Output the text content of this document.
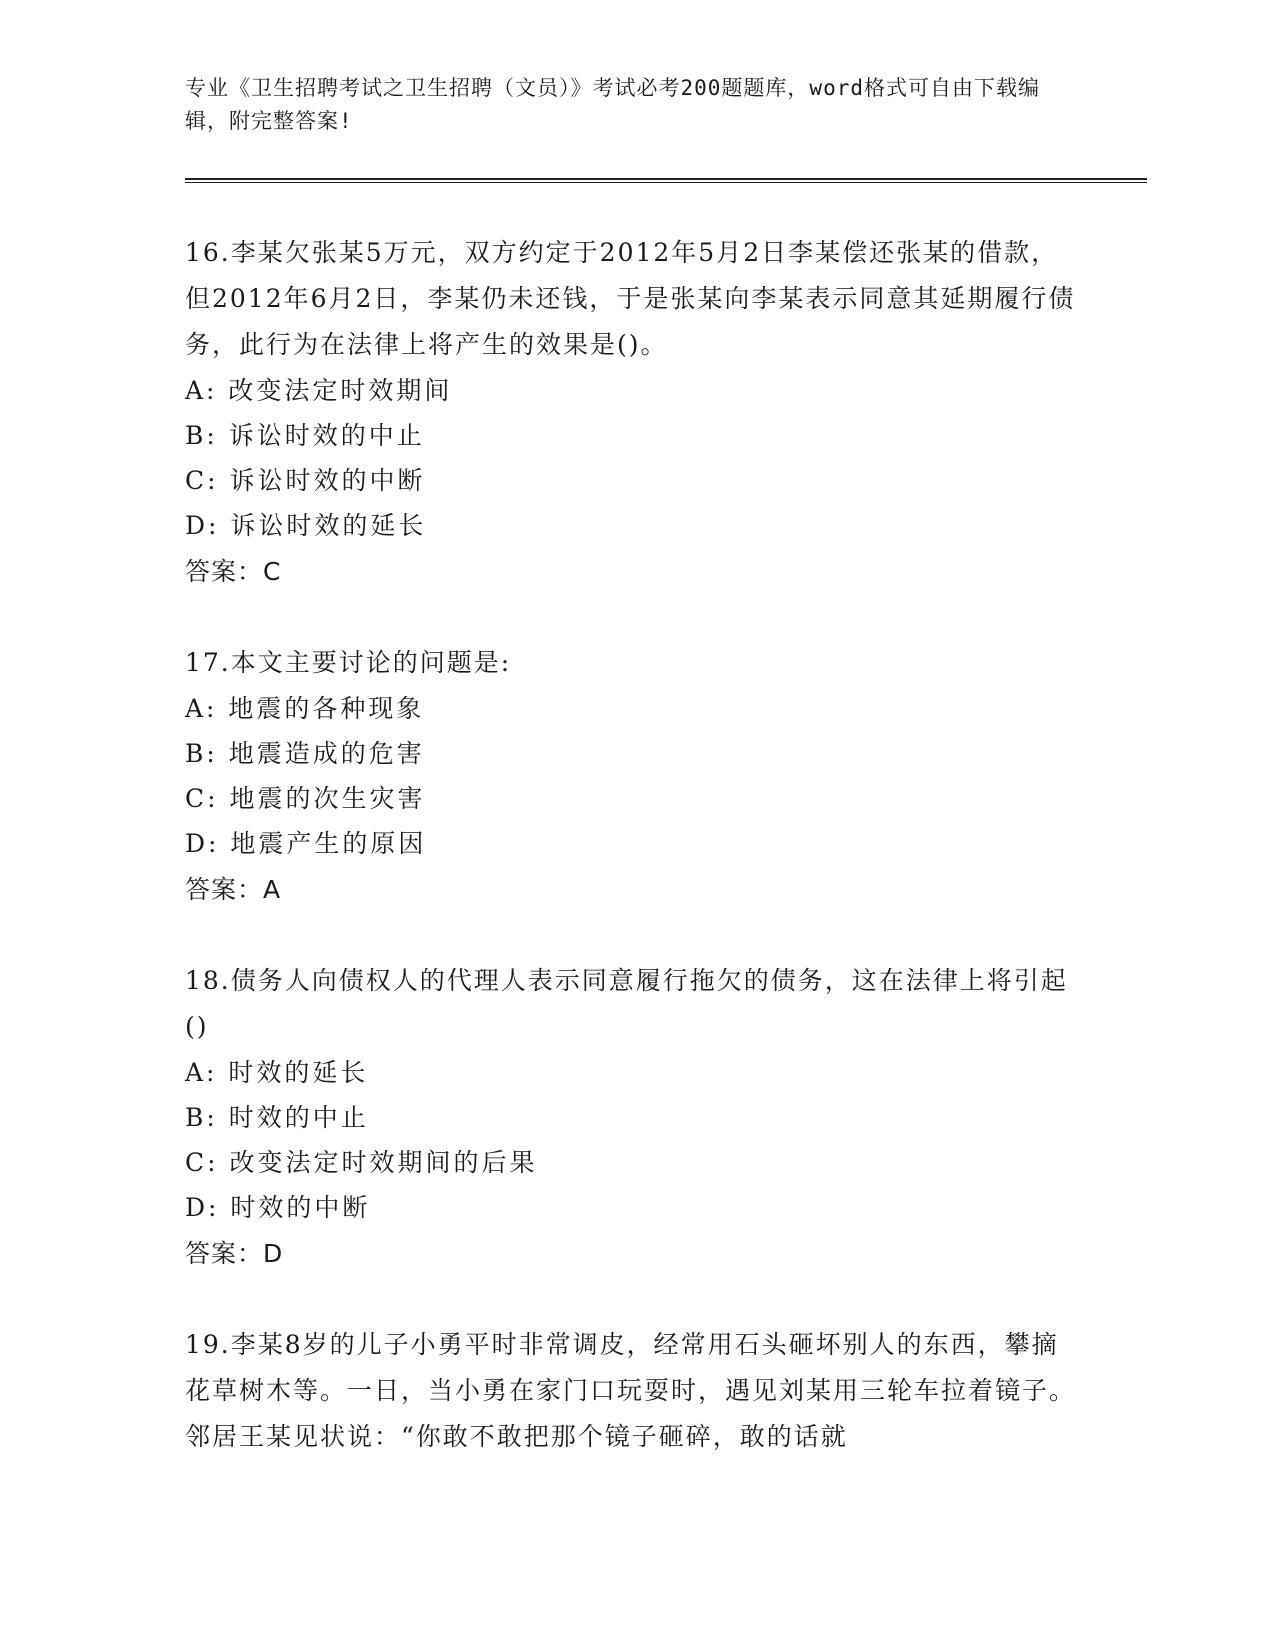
专业《卫生招聘考试之卫生招聘（文员）》考试必考200题题库，word格式可自由下载编辑，附完整答案!
16.李某欠张某5万元，双方约定于2012年5月2日李某偿还张某的借款，但2012年6月2日，李某仍未还钱，于是张某向李某表示同意其延期履行债务，此行为在法律上将产生的效果是()。
A: 改变法定时效期间
B: 诉讼时效的中止
C: 诉讼时效的中断
D: 诉讼时效的延长
答案：C
17.本文主要讨论的问题是:
A: 地震的各种现象
B: 地震造成的危害
C: 地震的次生灾害
D: 地震产生的原因
答案：A
18.债务人向债权人的代理人表示同意履行拖欠的债务，这在法律上将引起()
A: 时效的延长
B: 时效的中止
C: 改变法定时效期间的后果
D: 时效的中断
答案：D
19.李某8岁的儿子小勇平时非常调皮，经常用石头砸坏别人的东西，攀摘花草树木等。一日，当小勇在家门口玩耍时，遇见刘某用三轮车拉着镜子。邻居王某见状说：“你敢不敢把那个镜子砸碎，敢的话就
